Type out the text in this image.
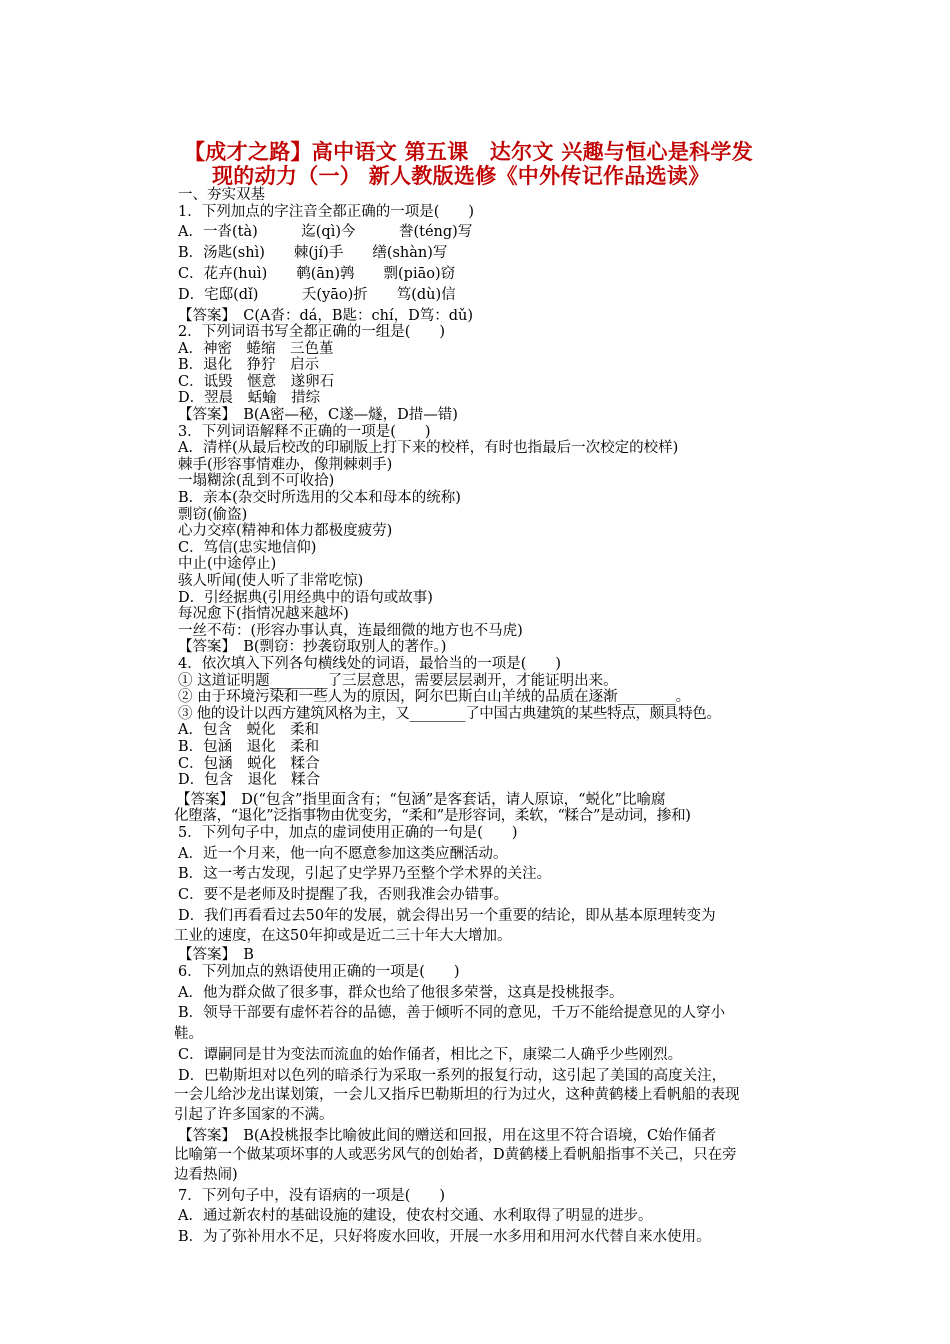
【成才之路】高中语文 第五课　达尔文 兴趣与恒心是科学发
现的动力（一） 新人教版选修《中外传记作品选读》
一、夯实双基
1．下列加点的字注音全都正确的一项是(　　)
A．一沓(tà)　　　迄(qì)今　　　誊(téng)写
B．汤匙(shì)　　棘(jí)手　　缮(shàn)写
C．花卉(huì)　　鹌(ān)鹑　　剽(piāo)窃
D．宅邸(dǐ)　　　夭(yāo)折　　笃(dù)信
【答案】　C(A沓：dá，B匙：chí，D笃：dǔ)
2．下列词语书写全都正确的一组是(　　)
A．神密　蜷缩　三色堇
B．退化　狰狞　启示
C．诋毁　惬意　遂卵石
D．翌晨　蛞蝓　措综
【答案】　B(A密—秘，C遂—燧，D措—错)
3．下列词语解释不正确的一项是(　　)
A．清样(从最后校改的印刷版上打下来的校样，有时也指最后一次校定的校样)
棘手(形容事情难办，像荆棘刺手)
一塌糊涂(乱到不可收拾)
B．亲本(杂交时所选用的父本和母本的统称)
剽窃(偷盗)
心力交瘁(精神和体力都极度疲劳)
C．笃信(忠实地信仰)
中止(中途停止)
骇人听闻(使人听了非常吃惊)
D．引经据典(引用经典中的语句或故事)
每况愈下(指情况越来越坏)
一丝不苟：(形容办事认真，连最细微的地方也不马虎)
【答案】　B(剽窃：抄袭窃取别人的著作。)
4．依次填入下列各句横线处的词语，最恰当的一项是(　　)
① 这道证明题________了三层意思，需要层层剥开，才能证明出来。
② 由于环境污染和一些人为的原因，阿尔巴斯白山羊绒的品质在逐渐________。
③ 他的设计以西方建筑风格为主，又________了中国古典建筑的某些特点，颇具特色。
A．包含　蜕化　柔和
B．包涵　退化　柔和
C．包涵　蜕化　糅合
D．包含　退化　糅合
【答案】　D(“包含”指里面含有；“包涵”是客套话，请人原谅，“蜕化”比喻腐
化堕落，“退化”泛指事物由优变劣，“柔和”是形容词，柔软，“糅合”是动词，掺和)
5．下列句子中，加点的虚词使用正确的一句是(　　)
A．近一个月来，他一向不愿意参加这类应酬活动。
B．这一考古发现，引起了史学界乃至整个学术界的关注。
C．要不是老师及时提醒了我，否则我准会办错事。
D．我们再看看过去50年的发展，就会得出另一个重要的结论，即从基本原理转变为
工业的速度，在这50年抑或是近二三十年大大增加。
【答案】　B
6．下列加点的熟语使用正确的一项是(　　)
A．他为群众做了很多事，群众也给了他很多荣誉，这真是投桃报李。
B．领导干部要有虚怀若谷的品德，善于倾听不同的意见，千万不能给提意见的人穿小
鞋。
C．谭嗣同是甘为变法而流血的始作俑者，相比之下，康梁二人确乎少些刚烈。
D．巴勒斯坦对以色列的暗杀行为采取一系列的报复行动，这引起了美国的高度关注，
一会儿给沙龙出谋划策，一会儿又指斥巴勒斯坦的行为过火，这种黄鹤楼上看帆船的表现
引起了许多国家的不满。
【答案】　B(A投桃报李比喻彼此间的赠送和回报，用在这里不符合语境，C始作俑者
比喻第一个做某项坏事的人或恶劣风气的创始者，D黄鹤楼上看帆船指事不关己，只在旁
边看热闹)
7．下列句子中，没有语病的一项是(　　)
A．通过新农村的基础设施的建设，使农村交通、水利取得了明显的进步。
B．为了弥补用水不足，只好将废水回收，开展一水多用和用河水代替自来水使用。
